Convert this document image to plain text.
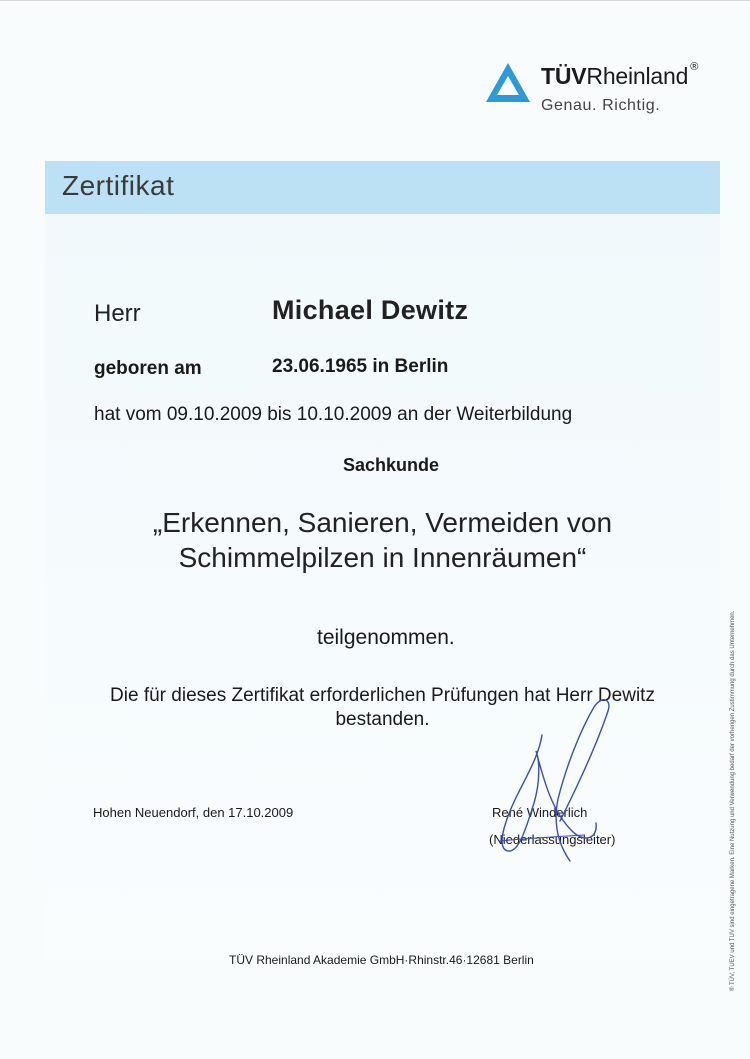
TÜVRheinland ®
Genau. Richtig.
Zertifikat
Herr	Michael Dewitz
geboren am	23.06.1965 in Berlin
hat vom 09.10.2009 bis 10.10.2009 an der Weiterbildung
Sachkunde
„Erkennen, Sanieren, Vermeiden von
Schimmelpilzen in Innenräumen“
teilgenommen.
Die für dieses Zertifikat erforderlichen Prüfungen hat Herr Dewitz
bestanden.
Hohen Neuendorf, den 17.10.2009	René Winderlich
(Niederlassungsleiter)
TÜV Rheinland Akademie GmbH·Rhinstr.46·12681 Berlin	® TÜV, TUEV und TUV sind eingetragene Marken. Eine Nutzung und Verwendung bedarf der vorherigen Zustimmung durch das Unternehmen.
